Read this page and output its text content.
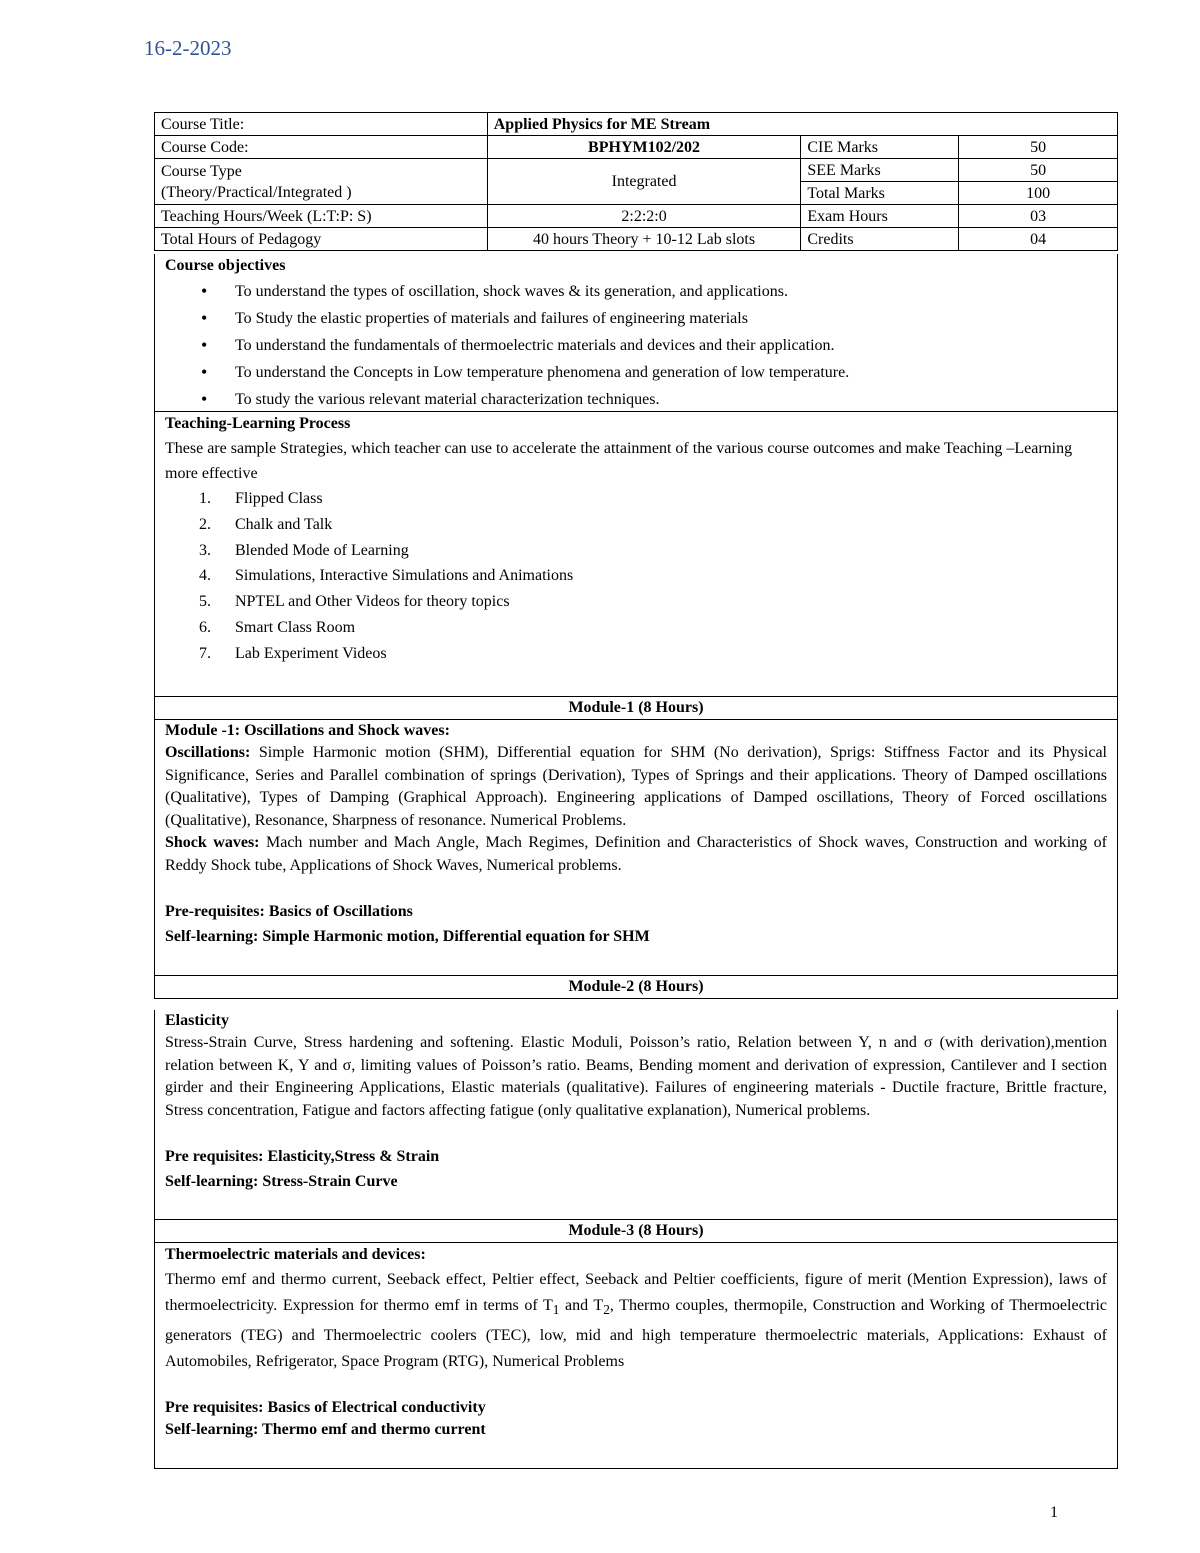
16-2-2023
Course Title:	Applied Physics for ME Stream		
Course Code:	BPHYM102/202	CIE Marks	50

Course Type
(Theory/Practical/Integrated )	Integrated	SEE Marks	50
		Total Marks	100
Teaching Hours/Week (L:T:P: S)	2:2:2:0	Exam Hours	03
Total Hours of Pedagogy	40 hours Theory + 10-12 Lab slots	Credits	04
Course objectives
• To understand the types of oscillation, shock waves & its generation, and applications.
• To Study the elastic properties of materials and failures of engineering materials
• To understand the fundamentals of thermoelectric materials and devices and their application.
• To understand the Concepts in Low temperature phenomena and generation of low temperature.
• To study the various relevant material characterization techniques.
Teaching-Learning Process
These are sample Strategies, which teacher can use to accelerate the attainment of the various course outcomes and make Teaching –Learning more effective
1. Flipped Class
2. Chalk and Talk
3. Blended Mode of Learning
4. Simulations, Interactive Simulations and Animations
5. NPTEL and Other Videos for theory topics
6. Smart Class Room
7. Lab Experiment Videos
Module-1 (8 Hours)
Module -1: Oscillations and Shock waves:
Oscillations: Simple Harmonic motion (SHM), Differential equation for SHM (No derivation), Sprigs: Stiffness Factor and its Physical Significance, Series and Parallel combination of springs (Derivation), Types of Springs and their applications. Theory of Damped oscillations (Qualitative), Types of Damping (Graphical Approach). Engineering applications of Damped oscillations, Theory of Forced oscillations (Qualitative), Resonance, Sharpness of resonance. Numerical Problems.
Shock waves: Mach number and Mach Angle, Mach Regimes, Definition and Characteristics of Shock waves, Construction and working of Reddy Shock tube, Applications of Shock Waves, Numerical problems.
Pre-requisites: Basics of Oscillations
Self-learning: Simple Harmonic motion, Differential equation for SHM
Module-2 (8 Hours)
Elasticity
Stress-Strain Curve, Stress hardening and softening. Elastic Moduli, Poisson’s ratio, Relation between Y, n and σ (with derivation),mention relation between K, Y and σ, limiting values of Poisson’s ratio. Beams, Bending moment and derivation of expression, Cantilever and I section girder and their Engineering Applications, Elastic materials (qualitative). Failures of engineering materials - Ductile fracture, Brittle fracture, Stress concentration, Fatigue and factors affecting fatigue (only qualitative explanation), Numerical problems.
Pre requisites: Elasticity,Stress & Strain
Self-learning: Stress-Strain Curve
Module-3 (8 Hours)
Thermoelectric materials and devices:
Thermo emf and thermo current, Seeback effect, Peltier effect, Seeback and Peltier coefficients, figure of merit (Mention Expression), laws of thermoelectricity. Expression for thermo emf in terms of $T_1$ and $T_2$, Thermo couples, thermopile, Construction and Working of Thermoelectric generators (TEG) and Thermoelectric coolers (TEC), low, mid and high temperature thermoelectric materials, Applications: Exhaust of Automobiles, Refrigerator, Space Program (RTG), Numerical Problems
Pre requisites: Basics of Electrical conductivity
Self-learning: Thermo emf and thermo current
1
